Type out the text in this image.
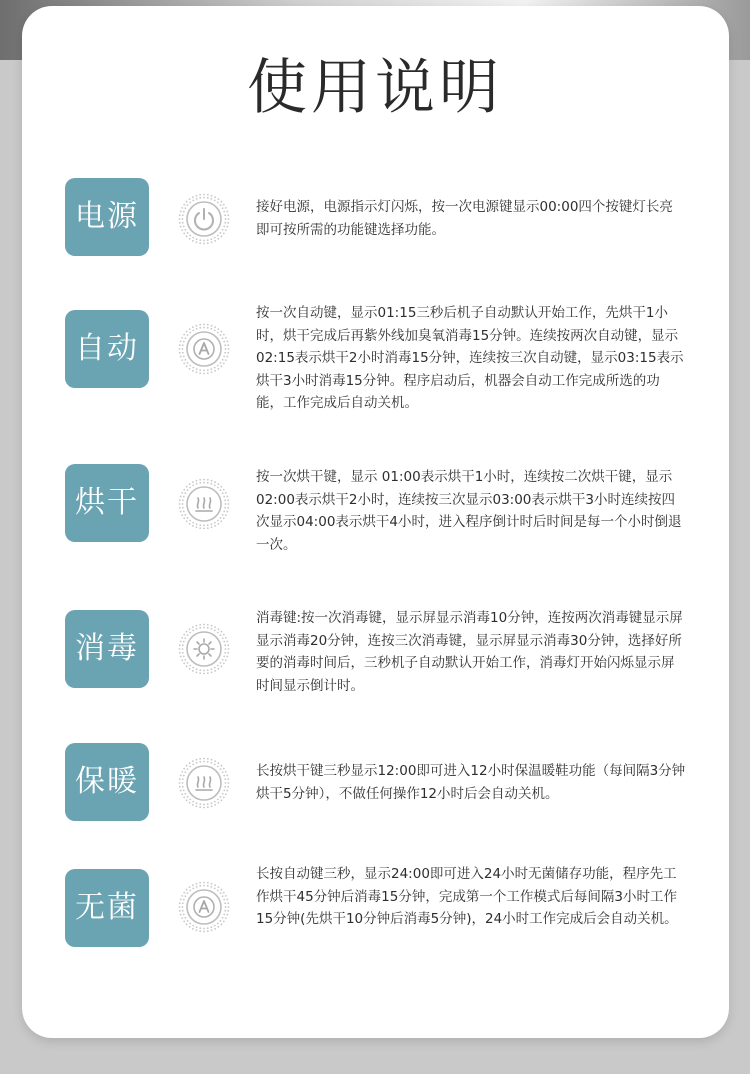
使用说明
电源	接好电源，电源指示灯闪烁，按一次电源键显示00:00四个按键灯长亮即可按所需的功能键选择功能。
自动
按一次自动键，显示01:15三秒后机子自动默认开始工作，先烘干1小时，烘干完成后再紫外线加臭氧消毒15分钟。连续按两次自动键，显示02:15表示烘干2小时消毒15分钟，连续按三次自动键，显示03:15表示烘干3小时消毒15分钟。程序启动后，机器会自动工作完成所选的功能，工作完成后自动关机。
烘干
按一次烘干键，显示 01:00表示烘干1小时，连续按二次烘干键，显示02:00表示烘干2小时，连续按三次显示03:00表示烘干3小时连续按四次显示04:00表示烘干4小时，进入程序倒计时后时间是每一个小时倒退一次。
消毒
消毒键:按一次消毒键，显示屏显示消毒10分钟，连按两次消毒键显示屏显示消毒20分钟，连按三次消毒键，显示屏显示消毒30分钟，选择好所要的消毒时间后，三秒机子自动默认开始工作，消毒灯开始闪烁显示屏时间显示倒计时。
保暖	长按烘干键三秒显示12:00即可进入12小时保温暖鞋功能（每间隔3分钟烘干5分钟），不做任何操作12小时后会自动关机。
无菌
长按自动键三秒，显示24:00即可进入24小时无菌储存功能，程序先工作烘干45分钟后消毒15分钟，完成第一个工作模式后每间隔3小时工作15分钟(先烘干10分钟后消毒5分钟)，24小时工作完成后会自动关机。
